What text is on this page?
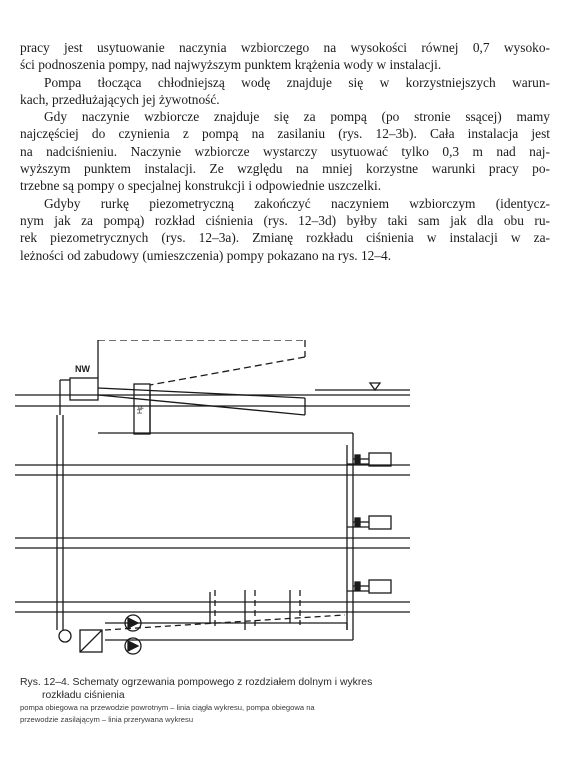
pracy jest usytuowanie naczynia wzbiorczego na wysokości równej 0,7 wysoko-
ści podnoszenia pompy, nad najwyższym punktem krążenia wody w instalacji.
Pompa tłocząca chłodniejszą wodę znajduje się w korzystniejszych warun-
kach, przedłużających jej żywotność.
Gdy naczynie wzbiorcze znajduje się za pompą (po stronie ssącej) mamy
najczęściej do czynienia z pompą na zasilaniu (rys. 12–3b). Cała instalacja jest
na nadciśnieniu. Naczynie wzbiorcze wystarczy usytuować tylko 0,3 m nad naj-
wyższym punktem instalacji. Ze względu na mniej korzystne warunki pracy po-
trzebne są pompy o specjalnej konstrukcji i odpowiednie uszczelki.
Gdyby rurkę piezometryczną zakończyć naczyniem wzbiorczym (identycz-
nym jak za pompą) rozkład ciśnienia (rys. 12–3d) byłby taki sam jak dla obu ru-
rek piezometrycznych (rys. 12–3a). Zmianę rozkładu ciśnienia w instalacji w za-
leżności od zabudowy (umieszczenia) pompy pokazano na rys. 12–4.
NW
Hp
Rys. 12–4. Schematy ogrzewania pompowego z rozdziałem dolnym i wykres
rozkładu ciśnienia
pompa obiegowa na przewodzie powrotnym – linia ciągła wykresu, pompa obiegowa na
przewodzie zasilającym – linia przerywana wykresu
